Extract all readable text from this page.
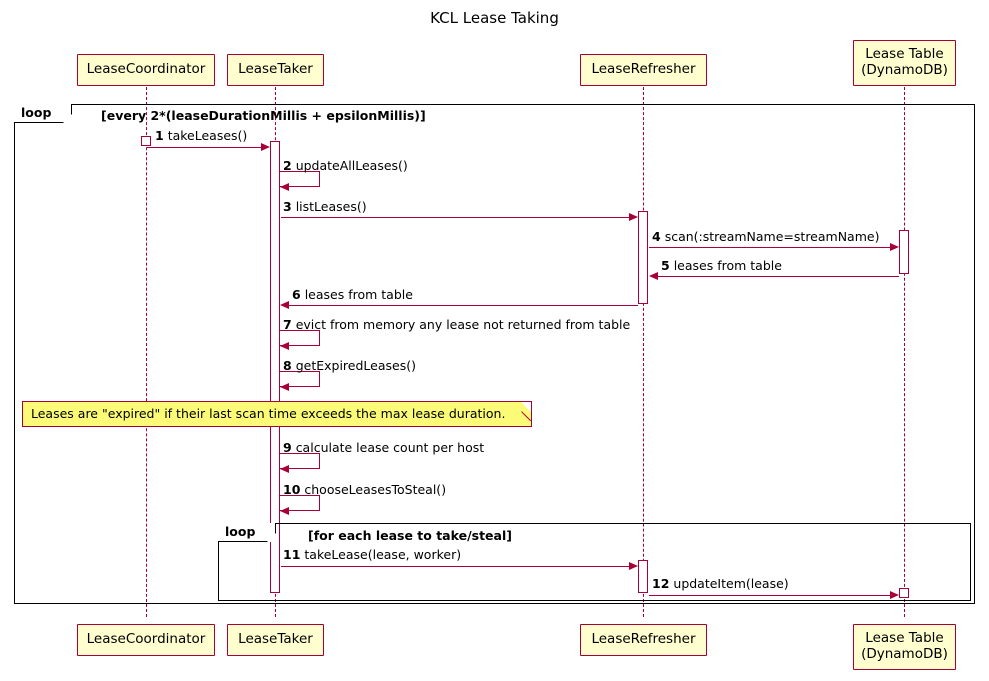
KCL Lease Taking
LeaseCoordinator LeaseTaker	LeaseRefresher
Lease Table
(DynamoDB)
loop	[every 2*(leaseDurationMillis + epsilonMillis)]
1 takeLeases()
2 updateAllLeases()
3 listLeases()
4 scan(:streamName=streamName)
5 leases from table
6 leases from table
7 evict from memory any lease not returned from table
8 getExpiredLeases()
Leases are "expired" if their last scan time exceeds the max lease duration.
9 calculate lease count per host
10 chooseLeasesToSteal()
loop	[for each lease to take/steal]
11 takeLease(lease, worker)
12 updateItem(lease)
LeaseCoordinator LeaseTaker	LeaseRefresher	Lease Table
(DynamoDB)
